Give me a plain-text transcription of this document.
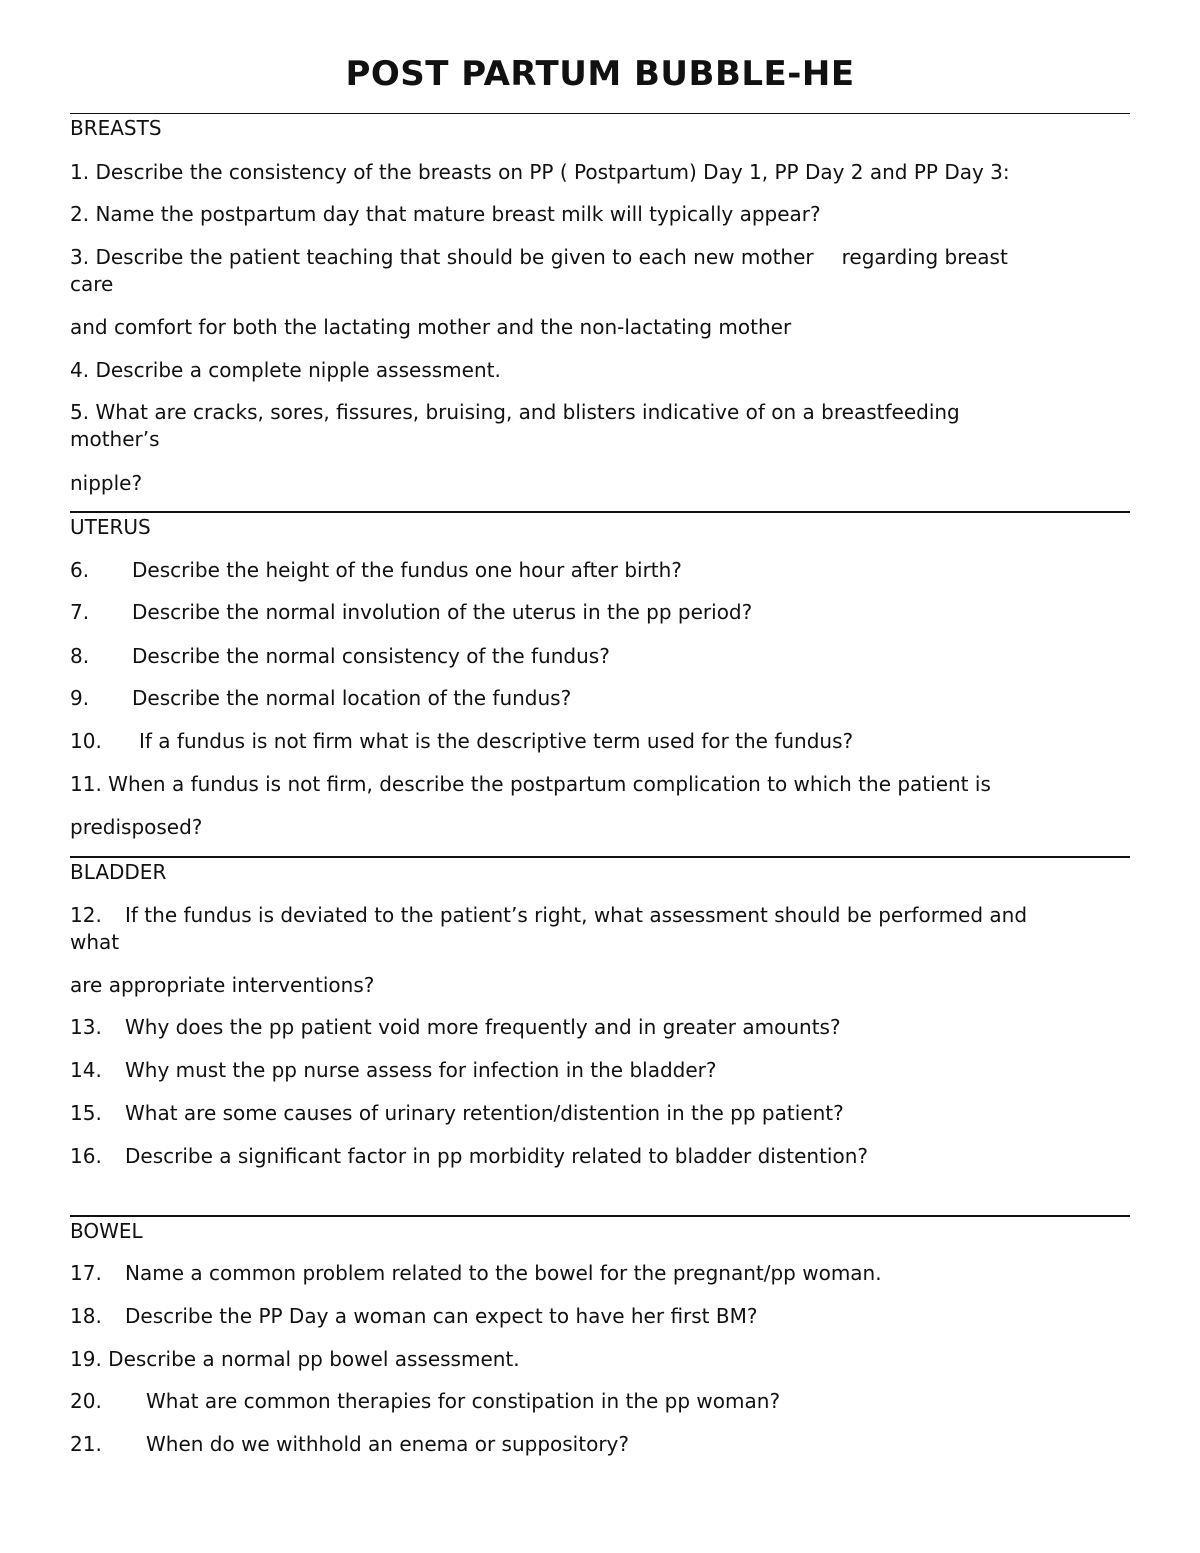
POST PARTUM BUBBLE-HE
BREASTS
1. Describe the consistency of the breasts on PP ( Postpartum) Day 1, PP Day 2 and PP Day 3:
2. Name the postpartum day that mature breast milk will typically appear?
3. Describe the patient teaching that should be given to each new mother regarding breast
care
and comfort for both the lactating mother and the non-lactating mother
4. Describe a complete nipple assessment.
5. What are cracks, sores, fissures, bruising, and blisters indicative of on a breastfeeding
mother’s
nipple?
UTERUS
6. Describe the height of the fundus one hour after birth?
7. Describe the normal involution of the uterus in the pp period?
8. Describe the normal consistency of the fundus?
9. Describe the normal location of the fundus?
10. If a fundus is not firm what is the descriptive term used for the fundus?
11. When a fundus is not firm, describe the postpartum complication to which the patient is
predisposed?
BLADDER
12. If the fundus is deviated to the patient’s right, what assessment should be performed and
what
are appropriate interventions?
13. Why does the pp patient void more frequently and in greater amounts?
14. Why must the pp nurse assess for infection in the bladder?
15. What are some causes of urinary retention/distention in the pp patient?
16. Describe a significant factor in pp morbidity related to bladder distention?
BOWEL
17. Name a common problem related to the bowel for the pregnant/pp woman.
18. Describe the PP Day a woman can expect to have her first BM?
19. Describe a normal pp bowel assessment.
20. What are common therapies for constipation in the pp woman?
21. When do we withhold an enema or suppository?
